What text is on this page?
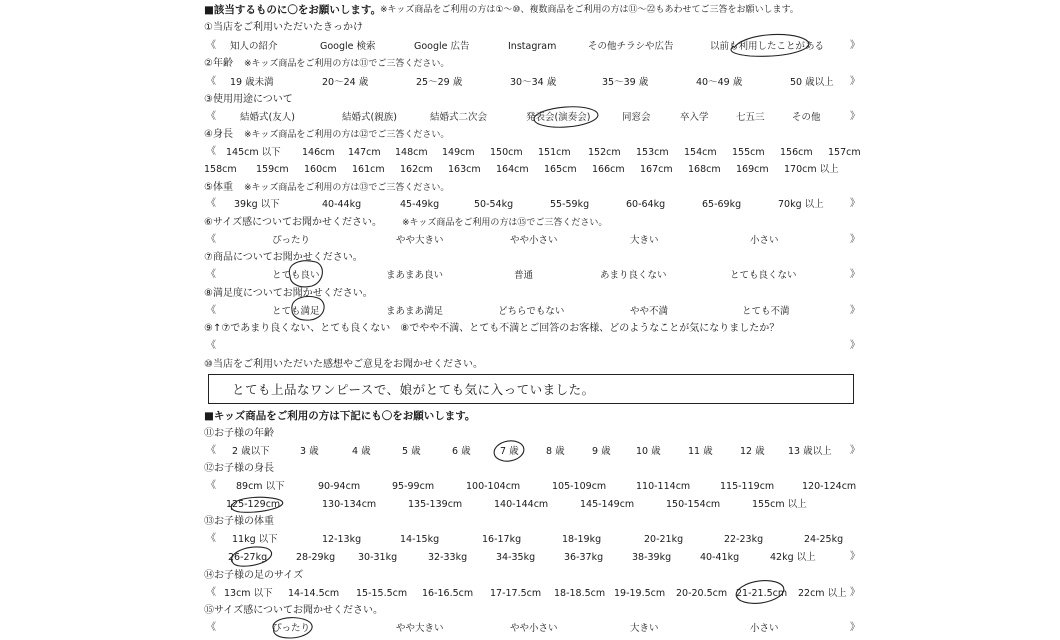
■該当するものに〇をお願いします。
※キッズ商品をご利用の方は①～⑩、複数商品をご利用の方は⑪～㉒もあわせてご三答をお願いします。
①当店をご利用いただいたきっかけ
《 知人の紹介	Google 検索	Google 広告	Instagram	その他チラシや広告	以前も利用したことがある	》
②年齢 ※キッズ商品をご利用の方は⑪でご三答ください。
《 19 歳未満	20～24 歳	25～29 歳	30～34 歳	35～39 歳	40～49 歳	50 歳以上 》
③使用用途について
《	結婚式(友人)	結婚式(親族)	結婚式二次会	発表会(演奏会)	同窓会	卒入学	七五三	その他	》
④身長 ※キッズ商品をご利用の方は⑫でご三答ください。
《 145cm 以下 146cm 147cm 148cm 149cm 150cm 151cm 152cm 153cm 154cm 155cm 156cm 157cm
158cm 159cm 160cm 161cm 162cm 163cm 164cm 165cm 166cm 167cm 168cm 169cm 170cm 以上
⑤体重 ※キッズ商品をご利用の方は⑬でご三答ください。
《 39kg 以下	40-44kg	45-49kg	50-54kg	55-59kg	60-64kg	65-69kg	70kg 以上	》
⑥サイズ感についてお聞かせください。 ※キッズ商品をご利用の方は⑮でご三答ください。
《	ぴったり	やや大きい	やや小さい	大きい	小さい	》
⑦商品についてお聞かせください。
《	とても良い	まあまあ良い	普通	あまり良くない	とても良くない	》
⑧満足度についてお聞かせください。
《	とても満足	まあまあ満足	どちらでもない	やや不満	とても不満	》
⑨↑⑦であまり良くない、とても良くない　⑧でやや不満、とても不満とご回答のお客様、どのようなことが気になりましたか？
《	》
⑩当店をご利用いただいた感想やご意見をお聞かせください。
とても上品なワンピースで、娘がとても気に入っていました。
■キッズ商品をご利用の方は下記にも〇をお願いします。
⑪お子様の年齢
《 2 歳以下	3 歳	4 歳	5 歳	6 歳	7 歳	8 歳	9 歳	10 歳	11 歳	12 歳 13 歳以上 》
⑫お子様の身長
《 89cm 以下	90-94cm	95-99cm	100-104cm	105-109cm	110-114cm	115-119cm	120-124cm
125-129cm	130-134cm	135-139cm	140-144cm	145-149cm	150-154cm	155cm 以上
⑬お子様の体重
《 11kg 以下	12-13kg	14-15kg	16-17kg	18-19kg	20-21kg	22-23kg	24-25kg
26-27kg	28-29kg 30-31kg	32-33kg	34-35kg	36-37kg	38-39kg	40-41kg	42kg 以上	》
⑭お子様の足のサイズ
《 13cm 以下 14-14.5cm 15-15.5cm 16-16.5cm 17-17.5cm 18-18.5cm 19-19.5cm 20-20.5cm 21-21.5cm 22cm 以上 》
⑮サイズ感についてお聞かせください。
《	ぴったり	やや大きい	やや小さい	大きい	小さい	》
